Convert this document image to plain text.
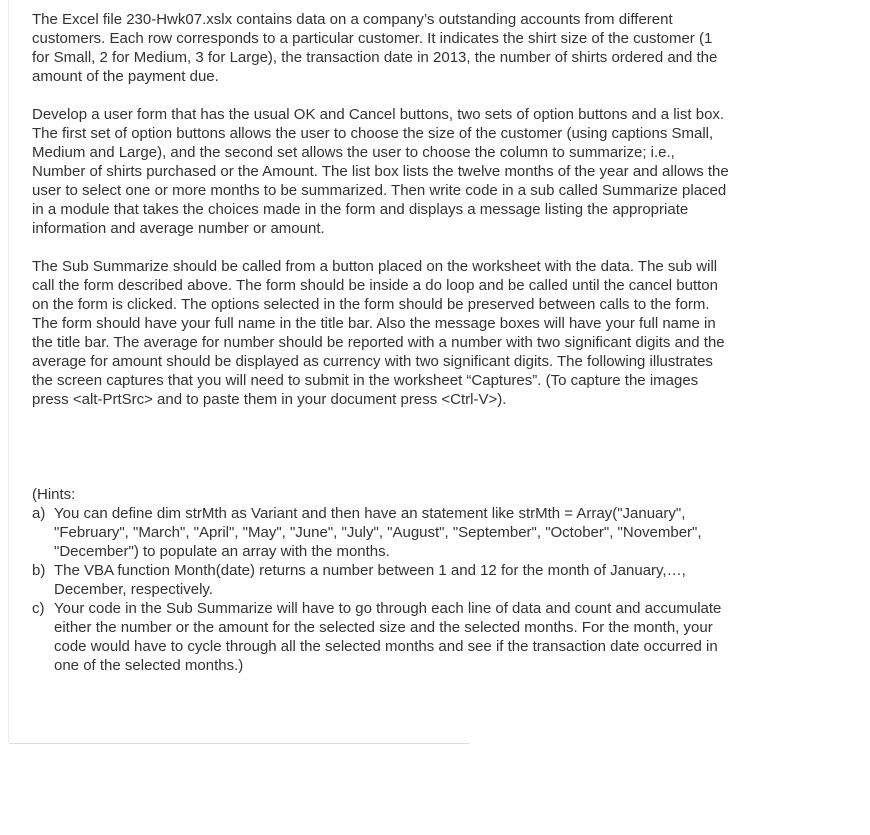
The Excel file 230-Hwk07.xslx contains data on a company’s outstanding accounts from different customers. Each row corresponds to a particular customer. It indicates the shirt size of the customer (1 for Small, 2 for Medium, 3 for Large), the transaction date in 2013, the number of shirts ordered and the amount of the payment due.

Develop a user form that has the usual OK and Cancel buttons, two sets of option buttons and a list box. The first set of option buttons allows the user to choose the size of the customer (using captions Small, Medium and Large), and the second set allows the user to choose the column to summarize; i.e., Number of shirts purchased or the Amount. The list box lists the twelve months of the year and allows the user to select one or more months to be summarized. Then write code in a sub called Summarize placed in a module that takes the choices made in the form and displays a message listing the appropriate information and average number or amount.

The Sub Summarize should be called from a button placed on the worksheet with the data. The sub will call the form described above. The form should be inside a do loop and be called until the cancel button on the form is clicked. The options selected in the form should be preserved between calls to the form. The form should have your full name in the title bar. Also the message boxes will have your full name in the title bar. The average for number should be reported with a number with two significant digits and the average for amount should be displayed as currency with two significant digits. The following illustrates the screen captures that you will need to submit in the worksheet “Captures”. (To capture the images press <alt-PrtSrc> and to paste them in your document press <Ctrl-V>).

(Hints:

a) You can define dim strMth as Variant and then have an statement like strMth = Array("January", "February", "March", "April", "May", "June", "July", "August", "September", "October", "November", "December") to populate an array with the months.
b) The VBA function Month(date) returns a number between 1 and 12 for the month of January,…, December, respectively.
c) Your code in the Sub Summarize will have to go through each line of data and count and accumulate either the number or the amount for the selected size and the selected months. For the month, your code would have to cycle through all the selected months and see if the transaction date occurred in one of the selected months.)
